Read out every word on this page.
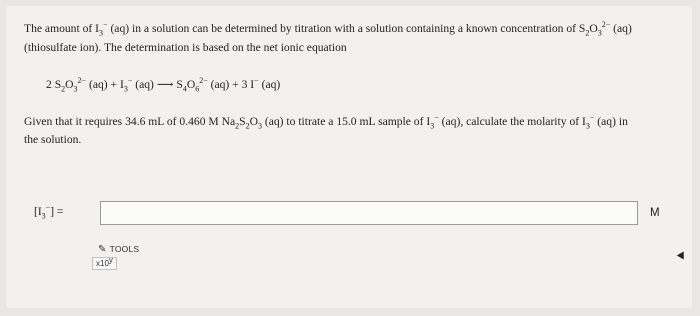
The amount of $I_3^-$ (aq) in a solution can be determined by titration with a solution containing a known concentration of $S_2O_3^{2-}$ (aq)
(thiosulfate ion). The determination is based on the net ionic equation
2 $S_2O_3^{2-}$ $(aq) + I_3^-$ (aq) ⟶ $S_4O_6^{2-}$ (aq) + 3 I− (aq)
Given that it requires 34.6 mL of 0.460 M $Na_2S_2O_3$ (aq) to titrate a 15.0 mL sample of $I_3^-$ (aq), calculate the molarity of $I_3^-$ (aq) in
the solution.
$[I_3^-]$ =	M
✎ TOOLS
x10$^y$
